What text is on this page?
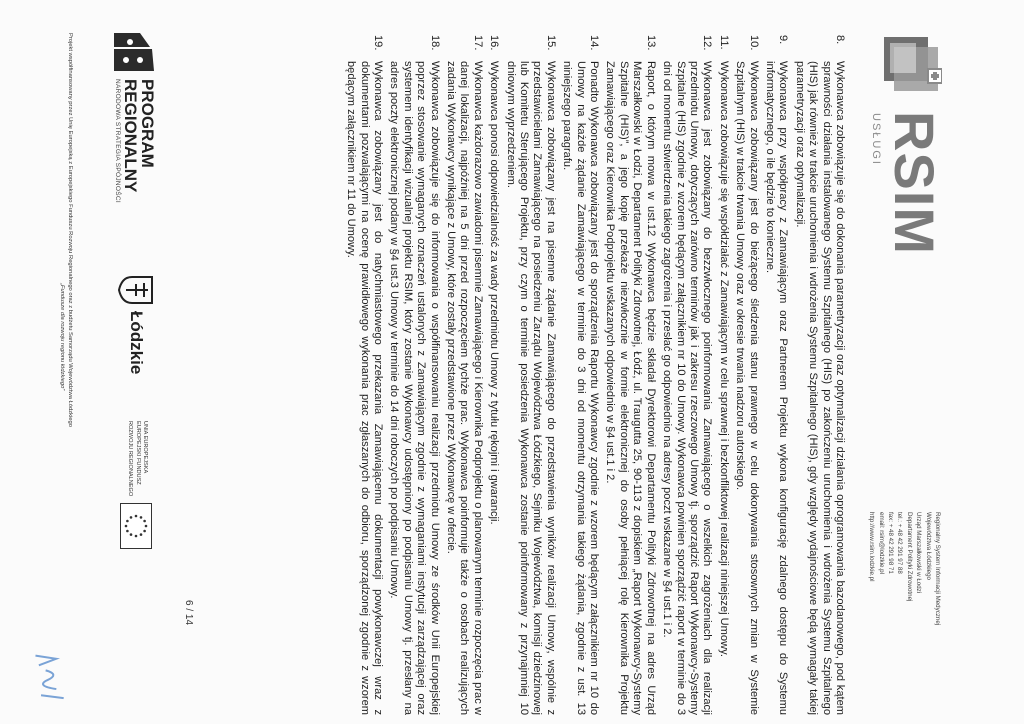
RSIM
USŁUGI
Regionalny System Informacji Medycznej
Województwa Łódzkiego
Urząd Marszałkowski w Łodzi
Departament Polityki Zdrowotnej
tel.: + 48 42 291 97 88
fax: + 48 42 291 98 71
email: rsim@lodzkie.pl
http://www.rsim.lodzkie.pl
8.
Wykonawca zobowiązuje się do dokonania parametryzacji oraz optymalizacji działania oprogramowania bazodanowego, pod kątem sprawności działania instalowanego Systemu Szpitalnego (HIS) po zakończeniu uruchomienia i wdrożenia Systemu Szpitalnego (HIS) jak również w trakcie uruchomienia i wdrożenia Systemu Szpitalnego (HIS), gdy względy wydajnościowe będą wymagały takiej parametryzacji oraz optymalizacji.
9.
Wykonawca przy współpracy z Zamawiającym oraz Partnerem Projektu wykona konfigurację zdalnego dostępu do Systemu informatycznego, o ile będzie to konieczne.
10.
Wykonawca zobowiązany jest do bieżącego śledzenia stanu prawnego w celu dokonywania stosownych zmian w Systemie Szpitalnym (HIS) w trakcie trwania Umowy oraz w okresie trwania nadzoru autorskiego.
11.
Wykonawca zobowiązuje się współdziałać z Zamawiającym w celu sprawnej i bezkonfliktowej realizacji niniejszej Umowy.
12.
Wykonawca jest zobowiązany do bezzwłocznego poinformowania Zamawiającego o wszelkich zagrożeniach dla realizacji przedmiotu Umowy, dotyczących zarówno terminów jak i zakresu rzeczowego Umowy tj. sporządzić Raport Wykonawcy-Systemy Szpitalne (HIS) zgodnie z wzorem będącym załącznikiem nr 10 do Umowy. Wykonawca powinien sporządzić raport w terminie do 3 dni od momentu stwierdzenia takiego zagrożenia i przesłać go odpowiednio na adresy poczt wskazane w §4 ust.1 i 2.
13.
Raport, o którym mowa w ust.12 Wykonawca będzie składał Dyrektorowi Departamentu Polityki Zdrowotnej na adres Urząd Marszałkowski w Łodzi, Departament Polityki Zdrowotnej, Łódź, ul. Traugutta 25, 90-113 z dopiskiem „Raport Wykonawcy-Systemy Szpitalne (HIS)”, a jego kopię przekaże niezwłocznie w formie elektronicznej do osoby pełniącej rolę Kierownika Projektu Zamawiającego oraz Kierownika Podprojektu wskazanych odpowiednio w §4 ust.1 i 2.
14.
Ponadto Wykonawca zobowiązany jest do sporządzenia Raportu Wykonawcy zgodnie z wzorem będącym załącznikiem nr 10 do Umowy na każde żądanie Zamawiającego w terminie do 3 dni od momentu otrzymania takiego żądania, zgodnie z ust. 13 niniejszego paragrafu.
15.
Wykonawca zobowiązany jest na pisemne żądanie Zamawiającego do przedstawienia wyników realizacji Umowy, wspólnie z przedstawicielami Zamawiającego na posiedzeniu Zarządu Województwa Łódzkiego, Sejmiku Województwa, komisji dziedzinowej lub Komitetu Sterującego Projektu, przy czym o terminie posiedzenia Wykonawca zostanie poinformowany z przynajmniej 10 dniowym wyprzedzeniem.
16.
Wykonawca ponosi odpowiedzialność za wady przedmiotu Umowy z tytułu rękojmi i gwarancji.
17.
Wykonawca każdorazowo zawiadomi pisemnie Zamawiającego i Kierownika Podprojektu o planowanym terminie rozpoczęcia prac w danej lokalizacji, najpóźniej na 5 dni przed rozpoczęciem tychże prac. Wykonawca poinformuje także o osobach realizujących zadania Wykonawcy wynikające z Umowy, które zostały przedstawione przez Wykonawcę w ofercie.
18.
Wykonawca zobowiązuje się do informowania o współfinansowaniu realizacji przedmiotu Umowy ze środków Unii Europejskiej poprzez stosowanie wymaganych oznaczeń ustalonych z Zamawiającym zgodnie z wymaganiami instytucji zarządzającej oraz systemem identyfikacji wizualnej projektu RSIM, który zostanie Wykonawcy udostępniony po podpisaniu Umowy tj. przesłany na adres poczty elektronicznej podany w §4 ust.3 Umowy w terminie do 14 dni roboczych po podpisaniu Umowy.
19.
Wykonawca zobowiązany jest do natychmiastowego przekazania Zamawiającemu dokumentacji powykonawczej wraz z dokumentami pozwalającymi na ocenę prawidłowego wykonania prac zgłaszanych do odbioru, sporządzonej zgodnie z wzorem będącym załącznikiem nr 11 do Umowy.
6 / 14
PROGRAM
REGIONALNY
NARODOWA STRATEGIA SPÓJNOŚCI
Łódzkie
UNIA EUROPEJSKA
EUROPEJSKI FUNDUSZ
ROZWOJU REGIONALNEGO
Projekt współfinansowany przez Unię Europejską z Europejskiego Funduszu Rozwoju Regionalnego oraz z budżetu Samorządu Województwa Łódzkiego
„Fundusze dla rozwoju regionu łódzkiego”
